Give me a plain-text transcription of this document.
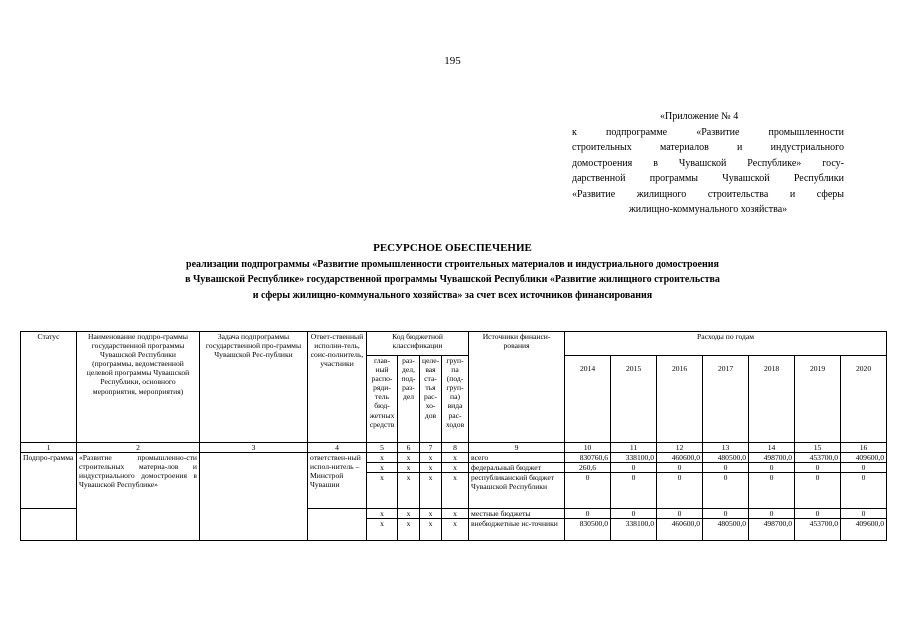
195
«Приложение № 4
к подпрограмме «Развитие промышленности
строительных материалов и индустриального
домостроения в Чувашской Республике» госу-
дарственной программы Чувашской Республики
«Развитие жилищного строительства и сферы
жилищно-коммунального хозяйства»
РЕСУРСНОЕ ОБЕСПЕЧЕНИЕ
реализации подпрограммы «Развитие промышленности строительных материалов и индустриального домостроения
в Чувашской Республике» государственной программы Чувашской Республики «Развитие жилищного строительства
и сферы жилищно-коммунального хозяйства» за счет всех источников финансирования
Статус	Наименование подпро-граммы государственной программы Чувашской Республики (программы, ведомственной целевой программы Чувашской Республики, основного мероприятия, мероприятия)	Задача подпрограммы государственной про-граммы Чувашской Рес-публики	Ответ-ственный исполни-тель, соис-полнитель, участники	Код бюджетной классификации				Источники финанси-рования	Расходы по годам						
				глав-ный распо-ряди-тель бюд-жетных средств	раз-дел, под-раз-дел	целе-вая ста-тья рас-хо-дов	груп-па (под-груп-па) вида рас-ходов		2014	2015	2016	2017	2018	2019	2020
1	2	3	4	5	6	7	8	9	10	11	12	13	14	15	16
Подпро-грамма	«Развитие промышленно-сти строительных материа-лов и индустриального домостроения в Чувашской Республике»		ответствен-ный испол-нитель – Минстрой Чувашии	x	x	x	x	всего	830760,6	338100,0	460600,0	480500,0	498700,0	453700,0	409600,0
				x	x	x	x	федеральный бюджет	260,6	0	0	0	0	0	0
				x	x	x	x	республиканский бюджет Чувашской Республики	0	0	0	0	0	0	0
				x	x	x	x	местные бюджеты	0	0	0	0	0	0	0
				x	x	x	x	внебюджетные ис-точники	830500,0	338100,0	460600,0	480500,0	498700,0	453700,0	409600,0
